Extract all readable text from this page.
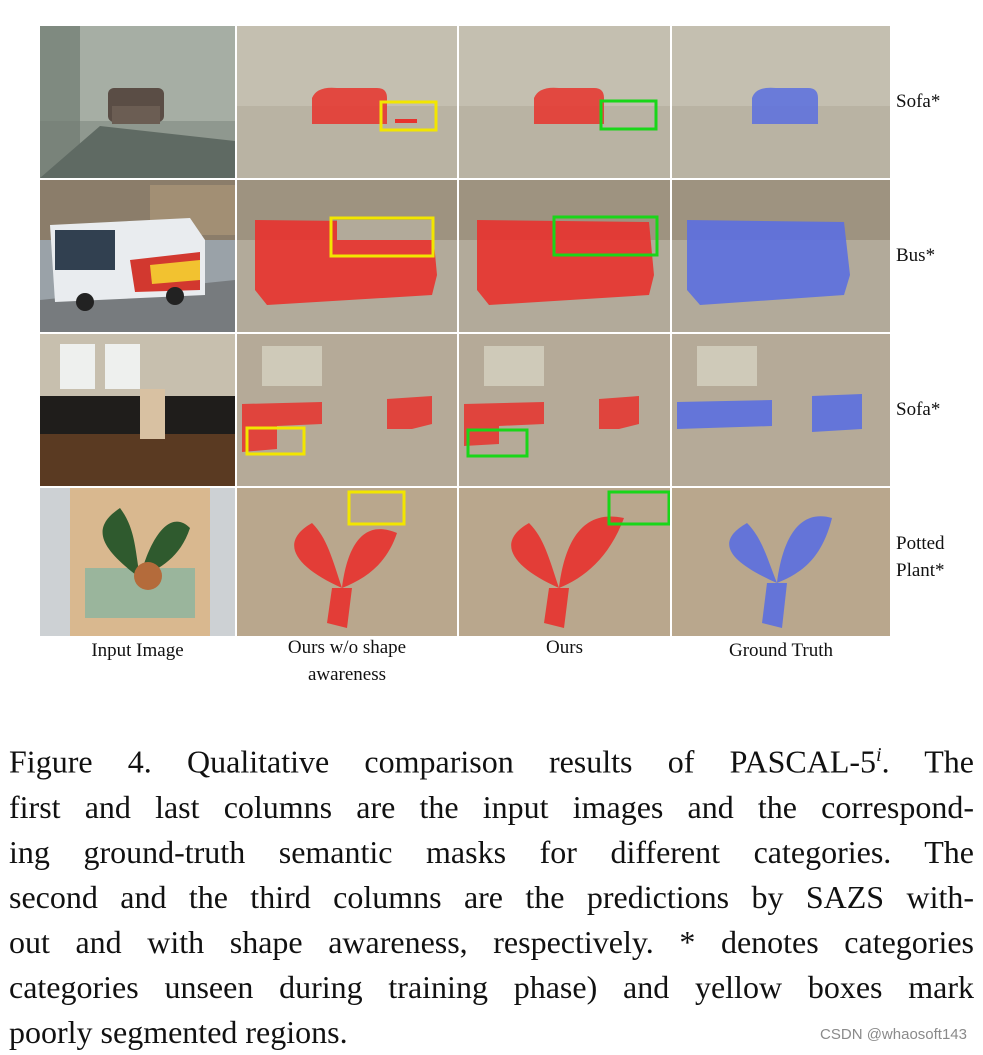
Sofa*
Bus*
Sofa*
Potted
Plant*
Input Image	Ours w/o shape
awareness
Ours	Ground Truth
Figure 4. Qualitative comparison results of PASCAL-5$^i$. The
first and last columns are the input images and the correspond-
ing ground-truth semantic masks for different categories. The
second and the third columns are the predictions by SAZS with-
out and with shape awareness, respectively. * denotes categories
categories unseen during training phase) and yellow boxes mark
poorly segmented regions.	CSDN @whaosoft143
